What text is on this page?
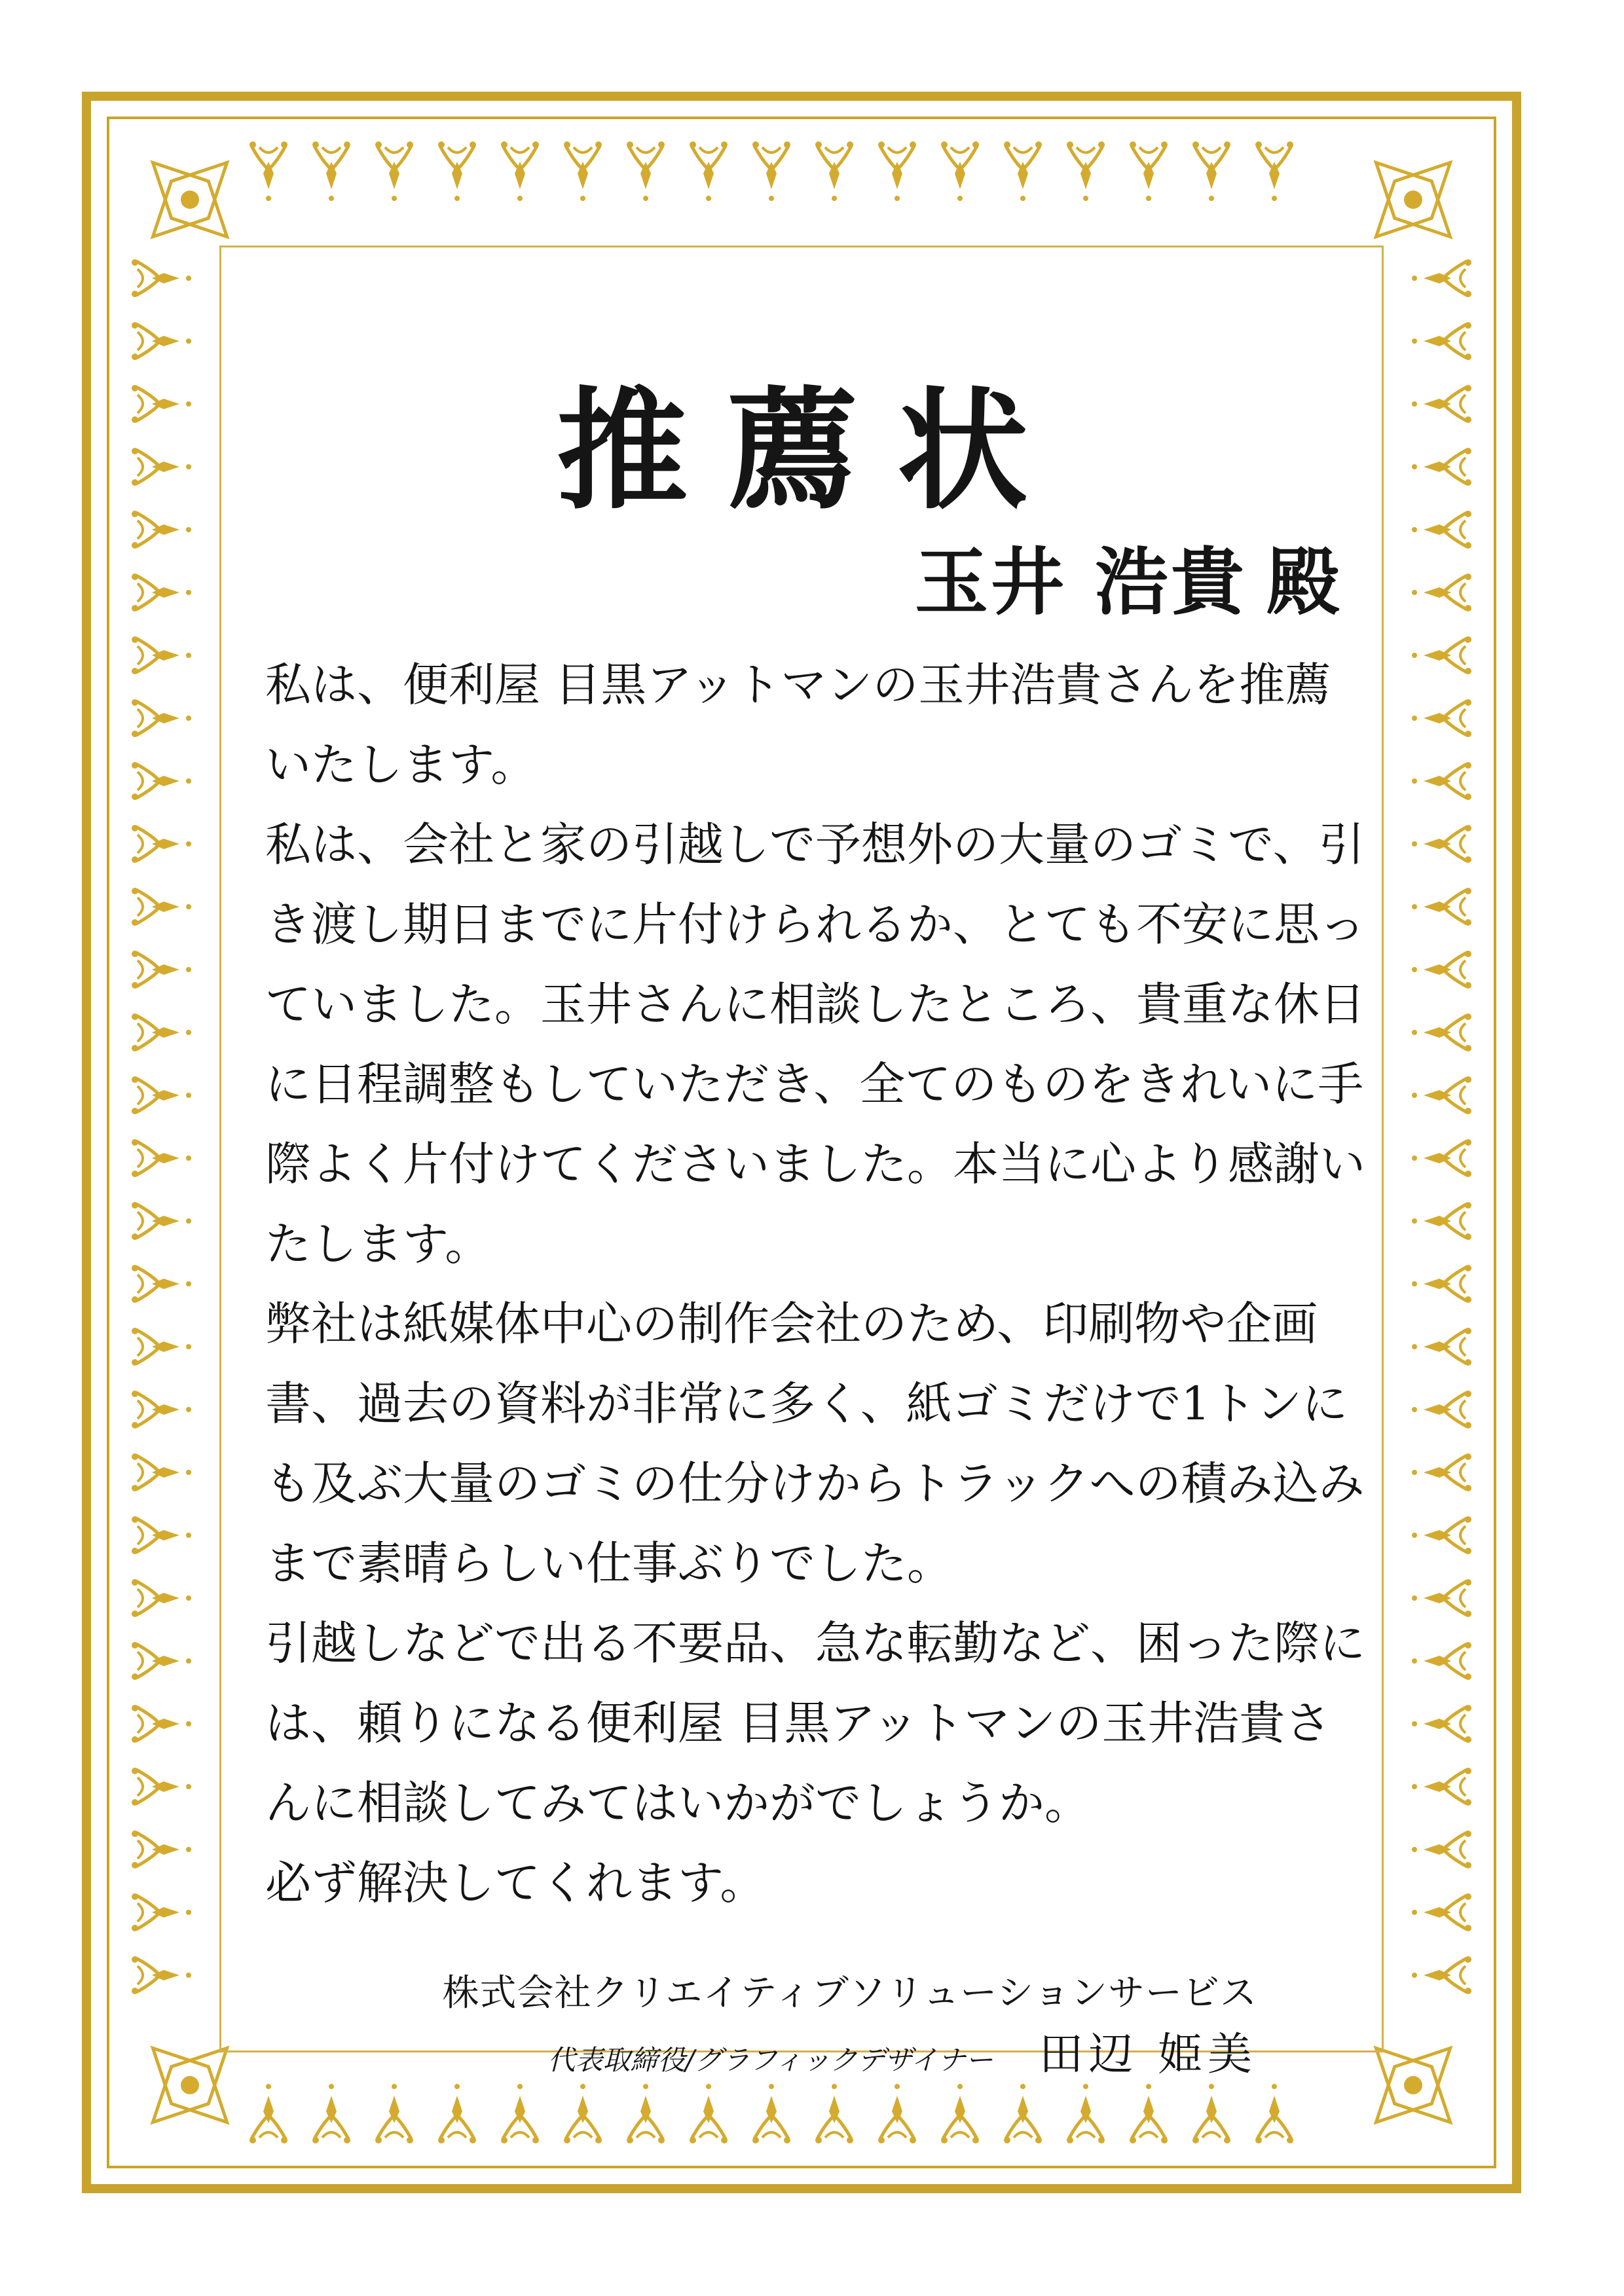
推薦状
玉井 浩貴 殿

私は、便利屋 目黒アットマンの玉井浩貴さんを推薦いたします。

私は、会社と家の引越しで予想外の大量のゴミで、引き渡し期日までに片付けられるか、とても不安に思っていました。玉井さんに相談したところ、貴重な休日に日程調整もしていただき、全てのものをきれいに手際よく片付けてくださいました。本当に心より感謝いたします。

弊社は紙媒体中心の制作会社のため、印刷物や企画書、過去の資料が非常に多く、紙ゴミだけで1トンにも及ぶ大量のゴミの仕分けからトラックへの積み込みまで素晴らしい仕事ぶりでした。

引越しなどで出る不要品、急な転勤など、困った際には、頼りになる便利屋 目黒アットマンの玉井浩貴さんに相談してみてはいかがでしょうか。

必ず解決してくれます。

株式会社クリエイティブソリューションサービス
代表取締役/グラフィックデザイナー 田辺 姫美
